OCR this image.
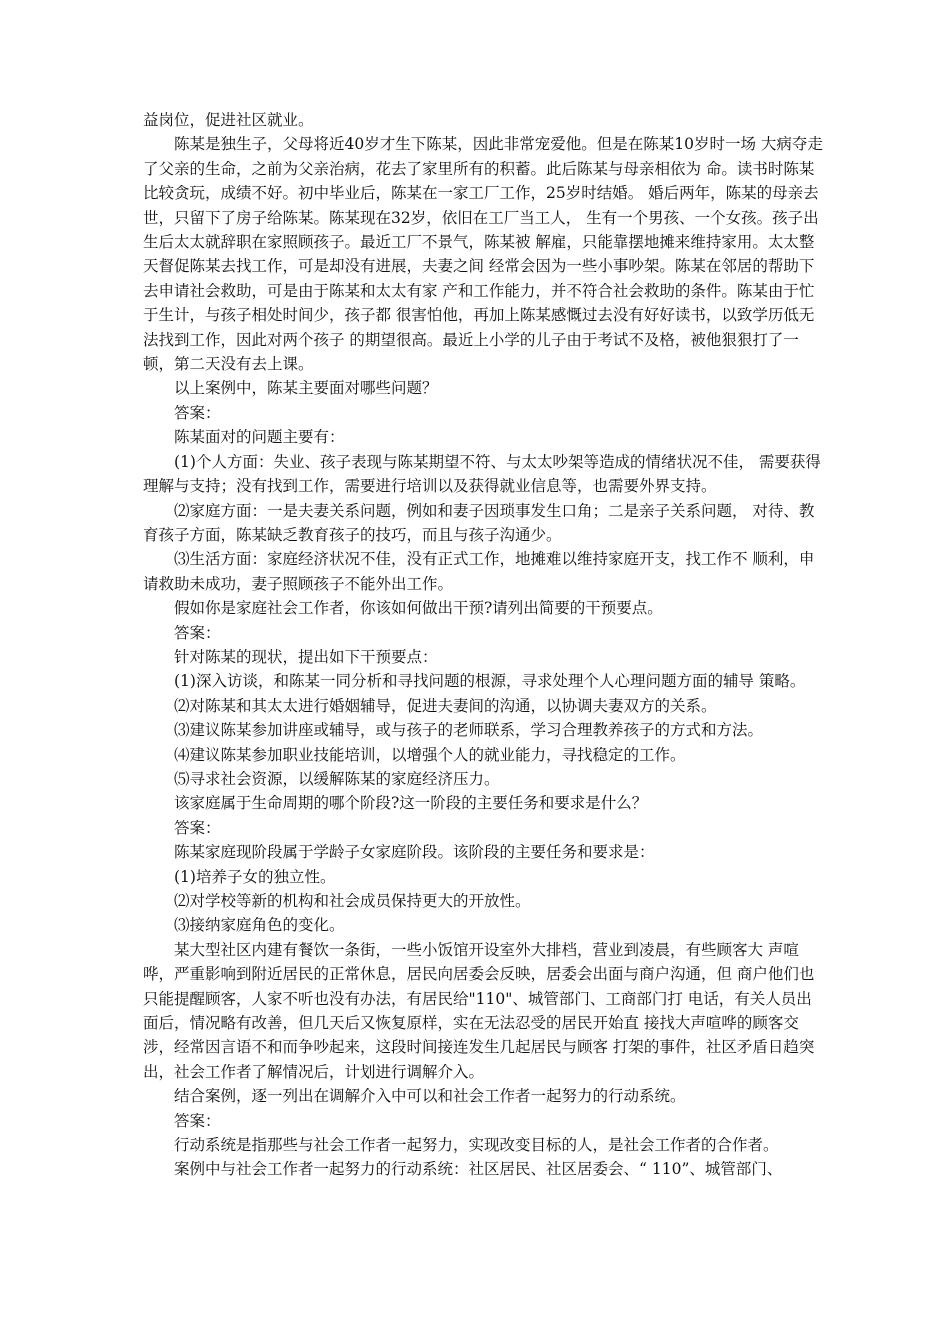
益岗位，促进社区就业。

陈某是独生子，父母将近40岁才生下陈某，因此非常宠爱他。但是在陈某10岁时一场 大病夺走了父亲的生命，之前为父亲治病，花去了家里所有的积蓄。此后陈某与母亲相依为 命。读书时陈某比较贪玩，成绩不好。初中毕业后，陈某在一家工厂工作，25岁时结婚。 婚后两年，陈某的母亲去世，只留下了房子给陈某。陈某现在32岁，依旧在工厂当工人， 生有一个男孩、一个女孩。孩子出生后太太就辞职在家照顾孩子。最近工厂不景气，陈某被 解雇，只能靠摆地摊来维持家用。太太整天督促陈某去找工作，可是却没有进展，夫妻之间 经常会因为一些小事吵架。陈某在邻居的帮助下去申请社会救助，可是由于陈某和太太有家 产和工作能力，并不符合社会救助的条件。陈某由于忙于生计，与孩子相处时间少，孩子都 很害怕他，再加上陈某感慨过去没有好好读书，以致学历低无法找到工作，因此对两个孩子 的期望很高。最近上小学的儿子由于考试不及格，被他狠狠打了一顿，第二天没有去上课。

以上案例中，陈某主要面对哪些问题？

答案：

陈某面对的问题主要有：

(1)个人方面：失业、孩子表现与陈某期望不符、与太太吵架等造成的情绪状况不佳， 需要获得理解与支持；没有找到工作，需要进行培训以及获得就业信息等，也需要外界支持。

⑵家庭方面：一是夫妻关系问题，例如和妻子因琐事发生口角；二是亲子关系问题， 对待、教育孩子方面，陈某缺乏教育孩子的技巧，而且与孩子沟通少。

⑶生活方面：家庭经济状况不佳，没有正式工作，地摊难以维持家庭开支，找工作不 顺利，申请救助未成功，妻子照顾孩子不能外出工作。

假如你是家庭社会工作者，你该如何做出干预?请列出简要的干预要点。

答案：

针对陈某的现状，提出如下干预要点：

(1)深入访谈，和陈某一同分析和寻找问题的根源，寻求处理个人心理问题方面的辅导 策略。

⑵对陈某和其太太进行婚姻辅导，促进夫妻间的沟通，以协调夫妻双方的关系。

⑶建议陈某参加讲座或辅导，或与孩子的老师联系，学习合理教养孩子的方式和方法。

⑷建议陈某参加职业技能培训，以增强个人的就业能力，寻找稳定的工作。

⑸寻求社会资源，以缓解陈某的家庭经济压力。

该家庭属于生命周期的哪个阶段?这一阶段的主要任务和要求是什么？

答案：

陈某家庭现阶段属于学龄子女家庭阶段。该阶段的主要任务和要求是：

(1)培养子女的独立性。

⑵对学校等新的机构和社会成员保持更大的开放性。

⑶接纳家庭角色的变化。

某大型社区内建有餐饮一条街，一些小饭馆开设室外大排档，营业到凌晨，有些顾客大 声喧哗，严重影响到附近居民的正常休息，居民向居委会反映，居委会出面与商户沟通，但 商户他们也只能提醒顾客，人家不听也没有办法，有居民给"110"、城管部门、工商部门打 电话，有关人员出面后，情况略有改善，但几天后又恢复原样，实在无法忍受的居民开始直 接找大声喧哗的顾客交涉，经常因言语不和而争吵起来，这段时间接连发生几起居民与顾客 打架的事件，社区矛盾日趋突出，社会工作者了解情况后，计划进行调解介入。

结合案例，逐一列出在调解介入中可以和社会工作者一起努力的行动系统。

答案：

行动系统是指那些与社会工作者一起努力，实现改变目标的人，是社会工作者的合作者。

案例中与社会工作者一起努力的行动系统：社区居民、社区居委会、“ 110”、城管部门、
